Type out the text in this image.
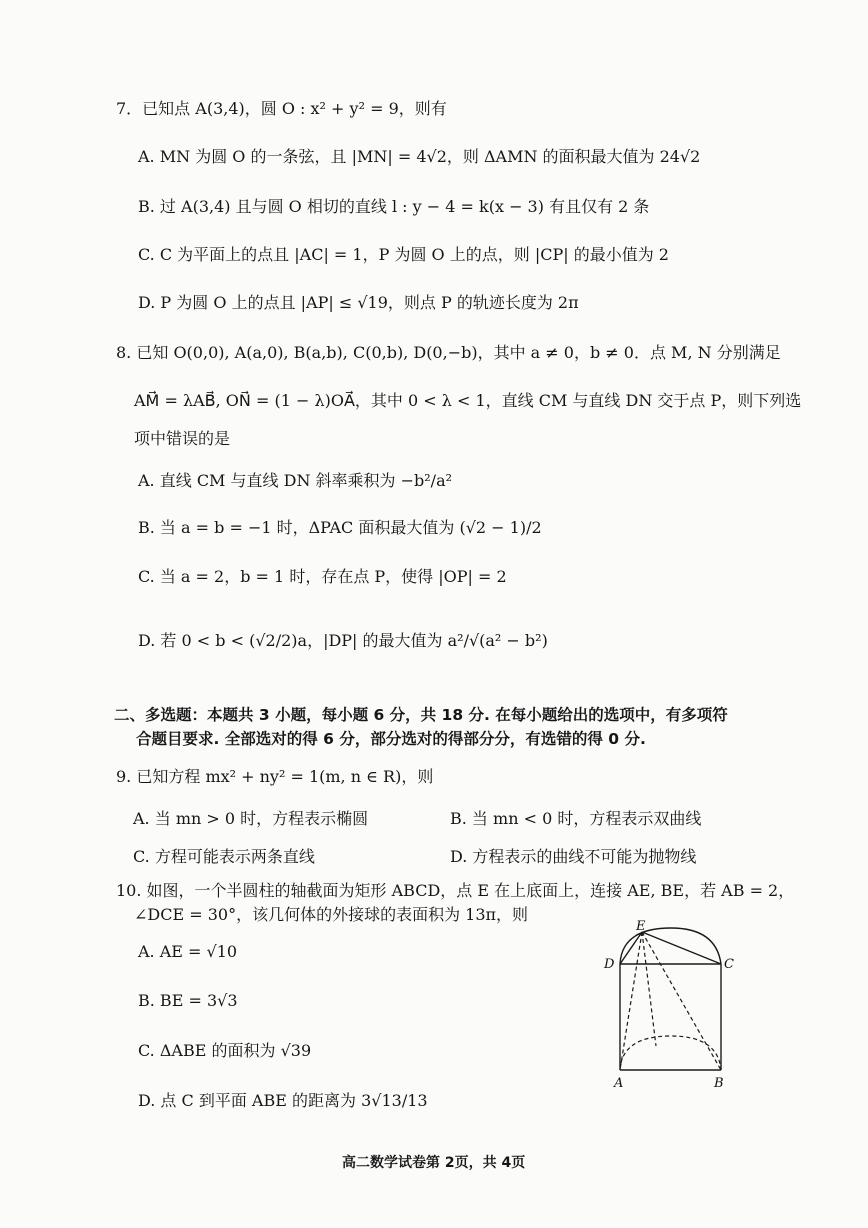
7．已知点 A(3,4)，圆 O : x² + y² = 9，则有
A. MN 为圆 O 的一条弦，且 |MN| = 4√2，则 ΔAMN 的面积最大值为 24√2
B. 过 A(3,4) 且与圆 O 相切的直线 l : y − 4 = k(x − 3) 有且仅有 2 条
C. C 为平面上的点且 |AC| = 1，P 为圆 O 上的点，则 |CP| 的最小值为 2
D. P 为圆 O 上的点且 |AP| ≤ √19，则点 P 的轨迹长度为 2π
8. 已知 O(0,0), A(a,0), B(a,b), C(0,b), D(0,−b)，其中 a ≠ 0，b ≠ 0．点 M, N 分别满足
AM⃗ = λAB⃗, ON⃗ = (1 − λ)OA⃗，其中 0 < λ < 1，直线 CM 与直线 DN 交于点 P，则下列选
项中错误的是
A. 直线 CM 与直线 DN 斜率乘积为 −b²/a²
B. 当 a = b = −1 时，ΔPAC 面积最大值为 (√2 − 1)/2
C. 当 a = 2，b = 1 时，存在点 P，使得 |OP| = 2
D. 若 0 < b < (√2/2)a，|DP| 的最大值为 a²/√(a² − b²)
二、多选题：本题共 3 小题，每小题 6 分，共 18 分. 在每小题给出的选项中，有多项符
合题目要求. 全部选对的得 6 分，部分选对的得部分分，有选错的得 0 分.
9. 已知方程 mx² + ny² = 1(m, n ∈ R)，则
A. 当 mn > 0 时，方程表示椭圆	B. 当 mn < 0 时，方程表示双曲线
C. 方程可能表示两条直线	D. 方程表示的曲线不可能为抛物线
10. 如图，一个半圆柱的轴截面为矩形 ABCD，点 E 在上底面上，连接 AE, BE，若 AB = 2，
∠DCE = 30°，该几何体的外接球的表面积为 13π，则
A. AE = √10
B. BE = 3√3
C. ΔABE 的面积为 √39
D. 点 C 到平面 ABE 的距离为 3√13/13
E
D	C
A	B
高二数学试卷第 2页，共 4页
